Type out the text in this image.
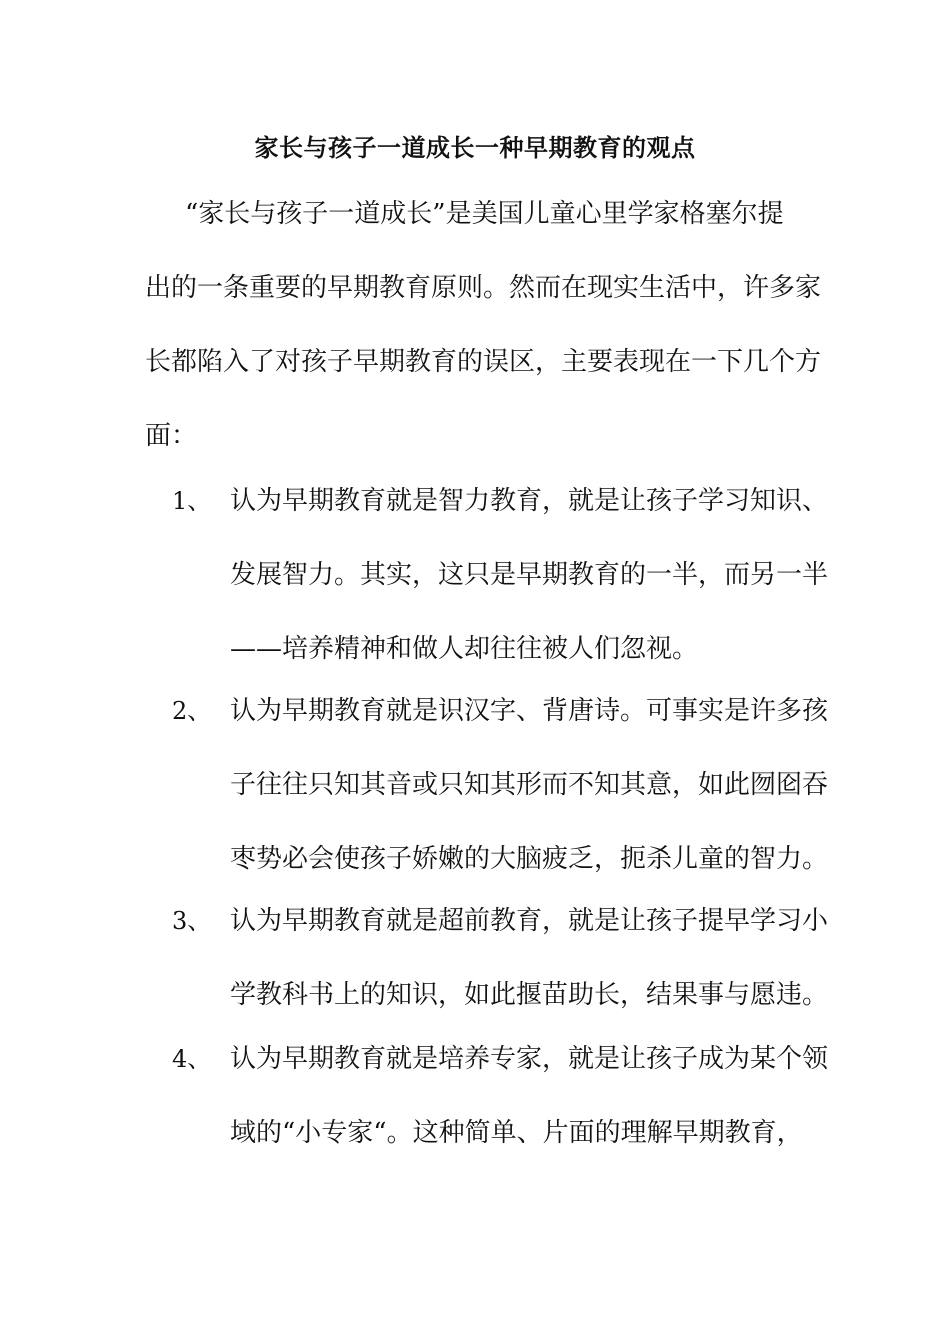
家长与孩子一道成长一种早期教育的观点
“家长与孩子一道成长”是美国儿童心里学家格塞尔提
出的一条重要的早期教育原则。然而在现实生活中，许多家
长都陷入了对孩子早期教育的误区，主要表现在一下几个方
面：
1、 认为早期教育就是智力教育，就是让孩子学习知识、
发展智力。其实，这只是早期教育的一半，而另一半
——培养精神和做人却往往被人们忽视。
2、 认为早期教育就是识汉字、背唐诗。可事实是许多孩
子往往只知其音或只知其形而不知其意，如此囫囵吞
枣势必会使孩子娇嫩的大脑疲乏，扼杀儿童的智力。
3、 认为早期教育就是超前教育，就是让孩子提早学习小
学教科书上的知识，如此揠苗助长，结果事与愿违。
4、 认为早期教育就是培养专家，就是让孩子成为某个领
域的“小专家“。这种简单、片面的理解早期教育，
